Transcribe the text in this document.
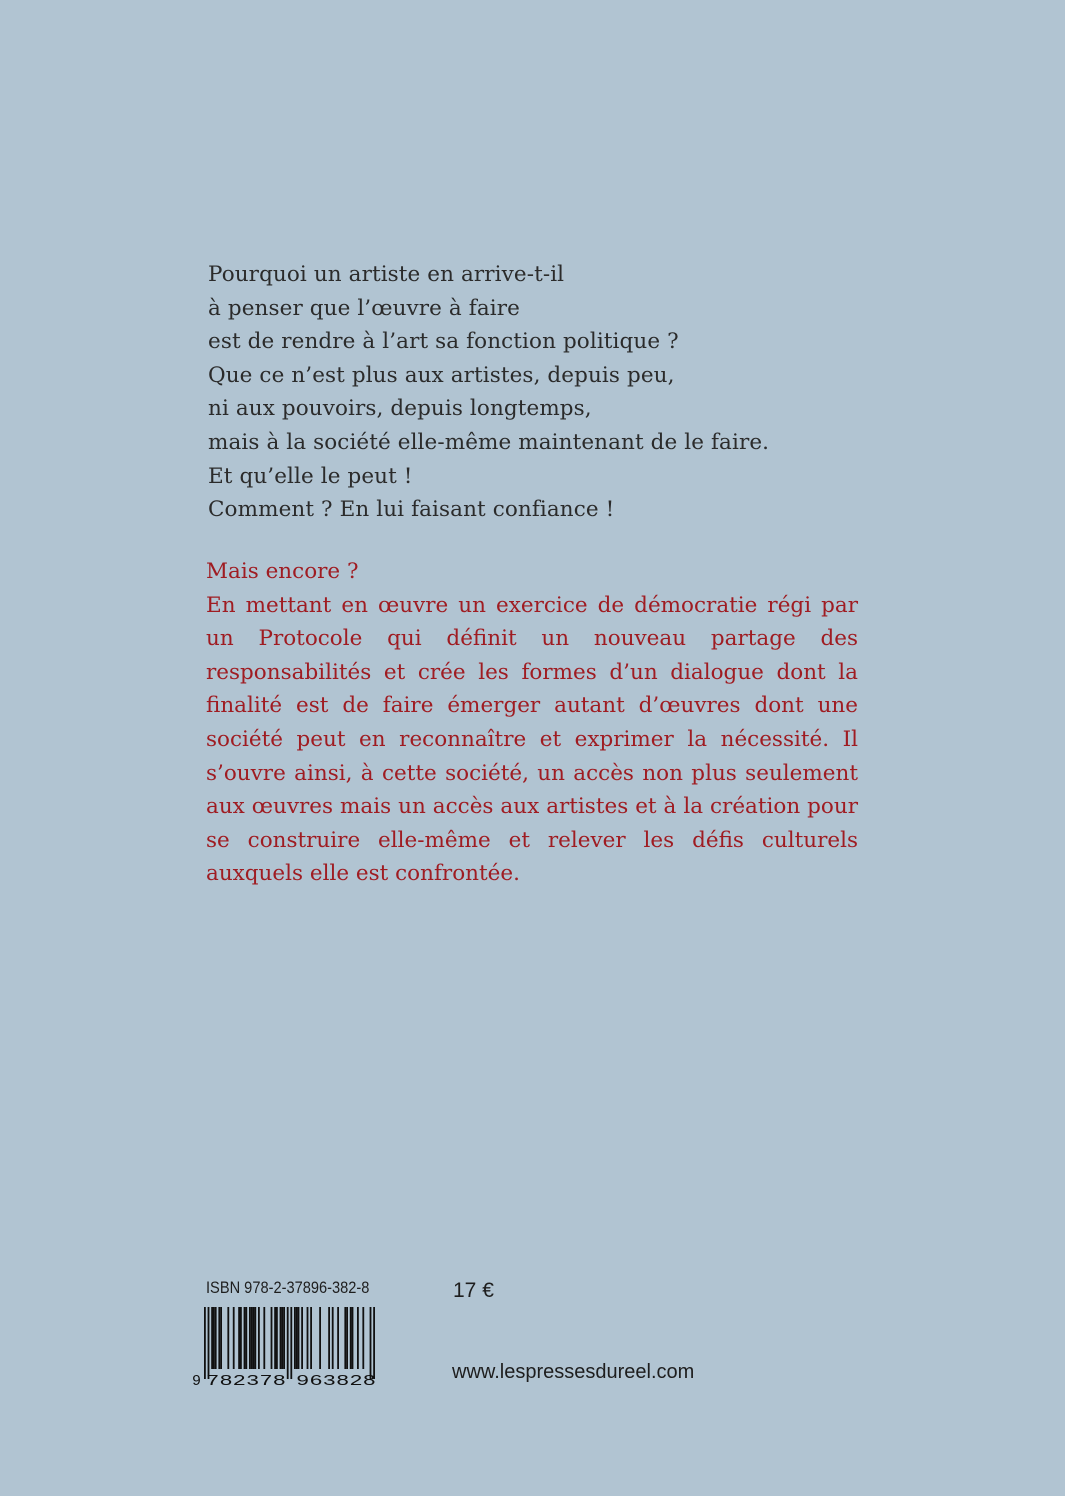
Pourquoi un artiste en arrive-t-il
à penser que l’œuvre à faire
est de rendre à l’art sa fonction politique ?
Que ce n’est plus aux artistes, depuis peu,
ni aux pouvoirs, depuis longtemps,
mais à la société elle-même maintenant de le faire.
Et qu’elle le peut !
Comment ? En lui faisant confiance !
Mais encore ?
En mettant en œuvre un exercice de démocratie régi par un Protocole qui définit un nouveau partage des responsabilités et crée les formes d’un dialogue dont la finalité est de faire émerger autant d’œuvres dont une société peut en reconnaître et exprimer la nécessité. Il s’ouvre ainsi, à cette société, un accès non plus seulement aux œuvres mais un accès aux artistes et à la création pour se construire elle-même et relever les défis culturels auxquels elle est confrontée.
ISBN 978-2-37896-382-8	17 €
9 782378 963828	www.lespressesdureel.com
